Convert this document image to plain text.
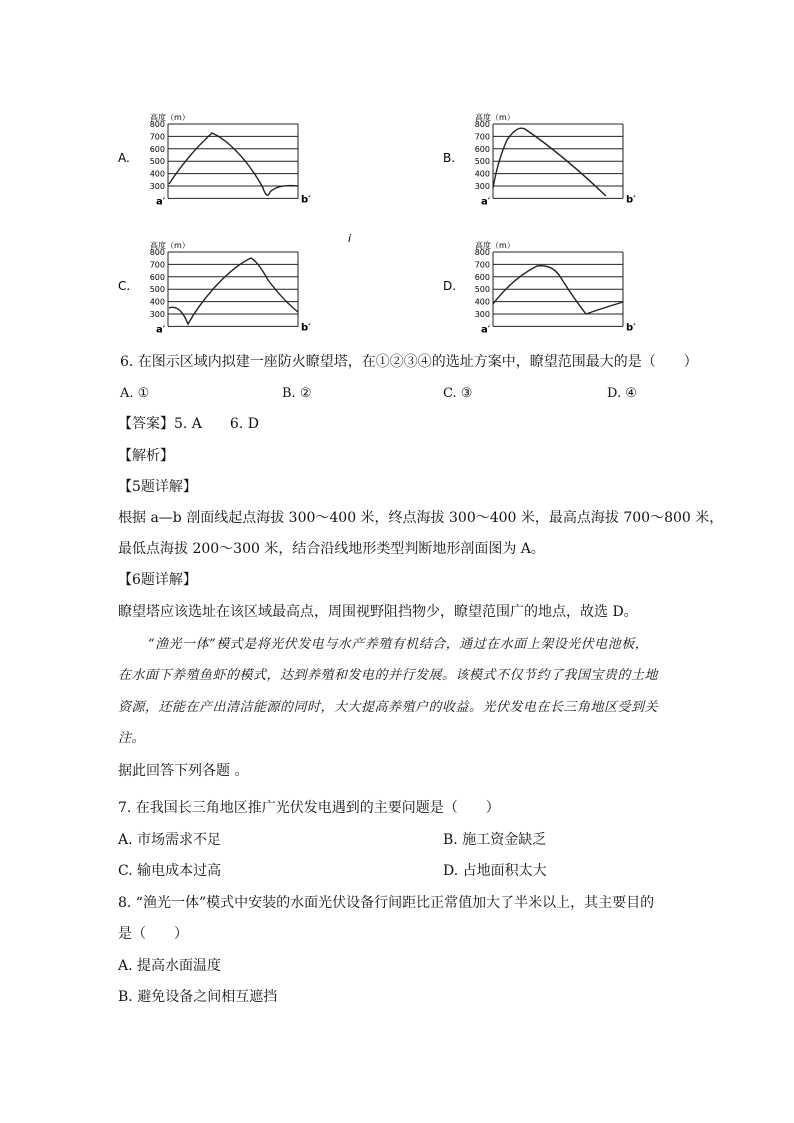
A.
高度（m）
800
700
600
500
400
300
a′	b′
B.
高度（m）
800
700
600
500
400
300
a′	b′
C.
高度（m）
800
700
600
500
400
300
a′	b′
D.
高度（m）
800
700
600
500
400
300
a′	b′
i
6. 在图示区域内拟建一座防火瞭望塔，在①②③④的选址方案中，瞭望范围最大的是（　　）
A. ①	B. ②	C. ③	D. ④
【答案】5. A　　6. D
【解析】
【5题详解】
根据 a—b 剖面线起点海拔 300～400 米，终点海拔 300～400 米，最高点海拔 700～800 米，
最低点海拔 200～300 米，结合沿线地形类型判断地形剖面图为 A。
【6题详解】
瞭望塔应该选址在该区域最高点，周围视野阻挡物少，瞭望范围广的地点，故选 D。
“渔光一体”模式是将光伏发电与水产养殖有机结合，通过在水面上架设光伏电池板，
在水面下养殖鱼虾的模式，达到养殖和发电的并行发展。该模式不仅节约了我国宝贵的土地
资源，还能在产出清洁能源的同时，大大提高养殖户的收益。光伏发电在长三角地区受到关
注。
据此回答下列各题 。
7. 在我国长三角地区推广光伏发电遇到的主要问题是（　　）
A. 市场需求不足	B. 施工资金缺乏
C. 输电成本过高	D. 占地面积太大
8. “渔光一体”模式中安装的水面光伏设备行间距比正常值加大了半米以上，其主要目的
是（　　）
A. 提高水面温度
B. 避免设备之间相互遮挡
